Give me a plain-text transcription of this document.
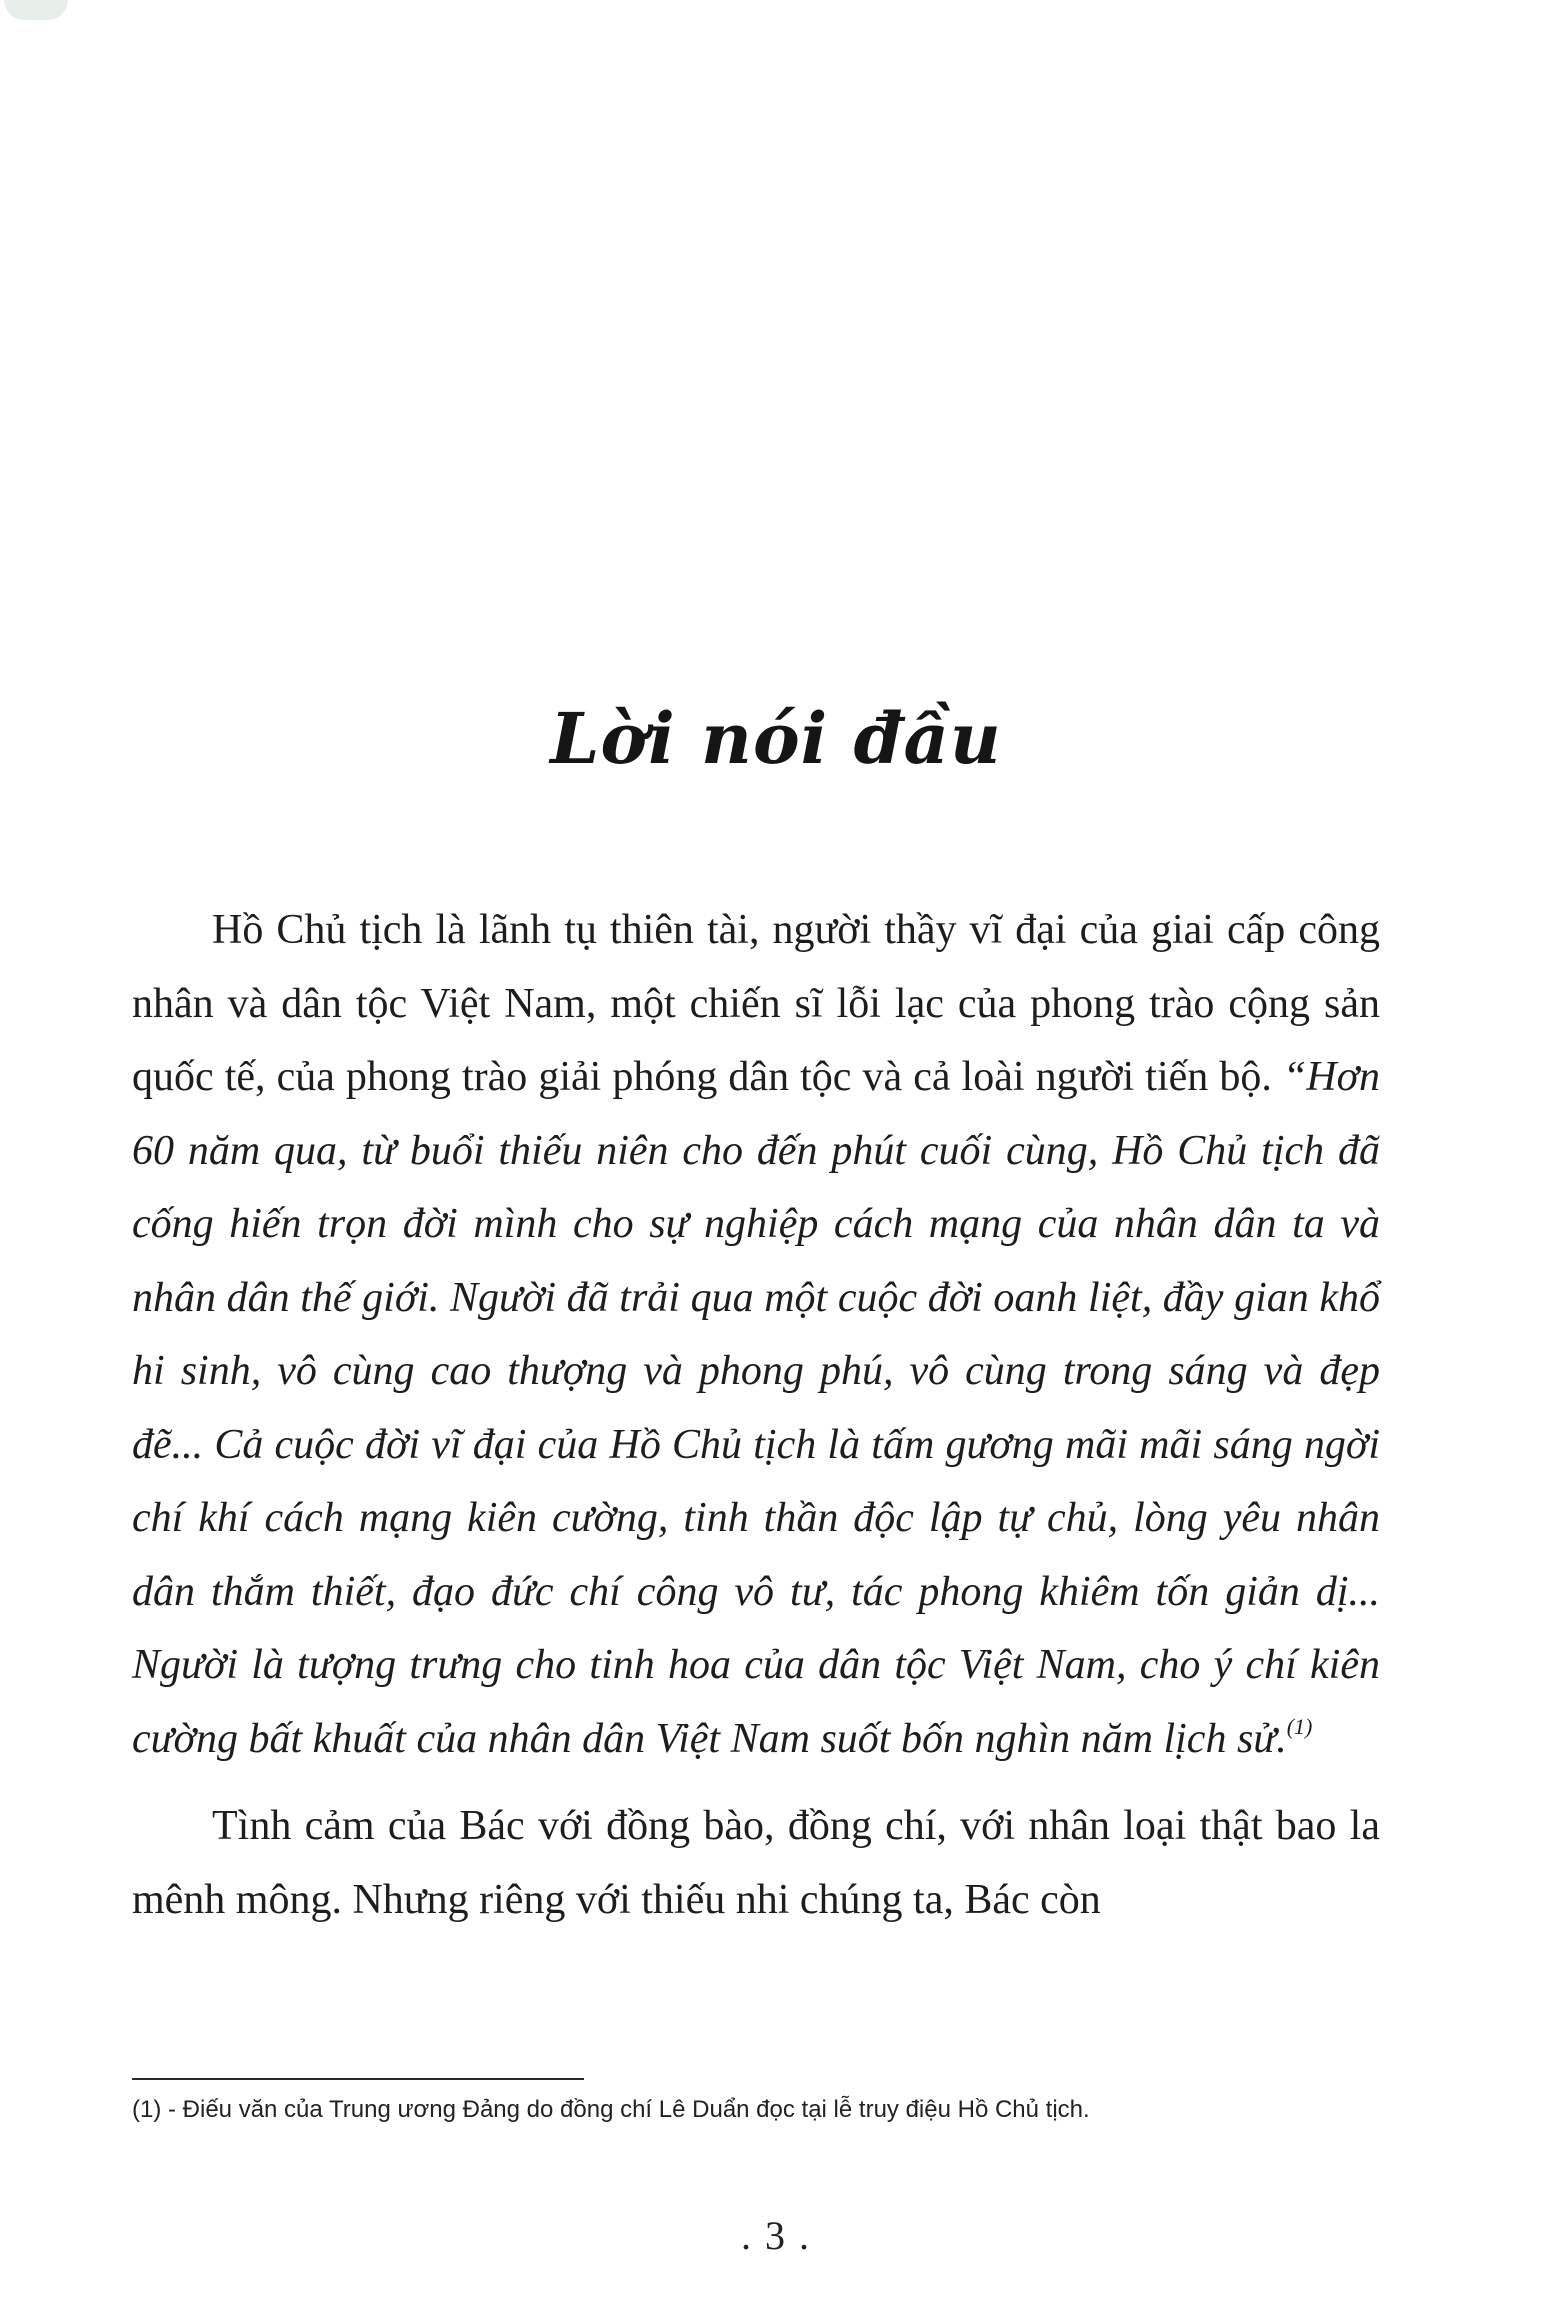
Lời nói đầu

Hồ Chủ tịch là lãnh tụ thiên tài, người thầy vĩ đại của giai cấp công nhân và dân tộc Việt Nam, một chiến sĩ lỗi lạc của phong trào cộng sản quốc tế, của phong trào giải phóng dân tộc và cả loài người tiến bộ. “Hơn 60 năm qua, từ buổi thiếu niên cho đến phút cuối cùng, Hồ Chủ tịch đã cống hiến trọn đời mình cho sự nghiệp cách mạng của nhân dân ta và nhân dân thế giới. Người đã trải qua một cuộc đời oanh liệt, đầy gian khổ hi sinh, vô cùng cao thượng và phong phú, vô cùng trong sáng và đẹp đẽ... Cả cuộc đời vĩ đại của Hồ Chủ tịch là tấm gương mãi mãi sáng ngời chí khí cách mạng kiên cường, tinh thần độc lập tự chủ, lòng yêu nhân dân thắm thiết, đạo đức chí công vô tư, tác phong khiêm tốn giản dị... Người là tượng trưng cho tinh hoa của dân tộc Việt Nam, cho ý chí kiên cường bất khuất của nhân dân Việt Nam suốt bốn nghìn năm lịch sử.$^{(1)}$

Tình cảm của Bác với đồng bào, đồng chí, với nhân loại thật bao la mênh mông. Nhưng riêng với thiếu nhi chúng ta, Bác còn

(1) - Điếu văn của Trung ương Đảng do đồng chí Lê Duẩn đọc tại lễ truy điệu Hồ Chủ tịch.
. 3 .
